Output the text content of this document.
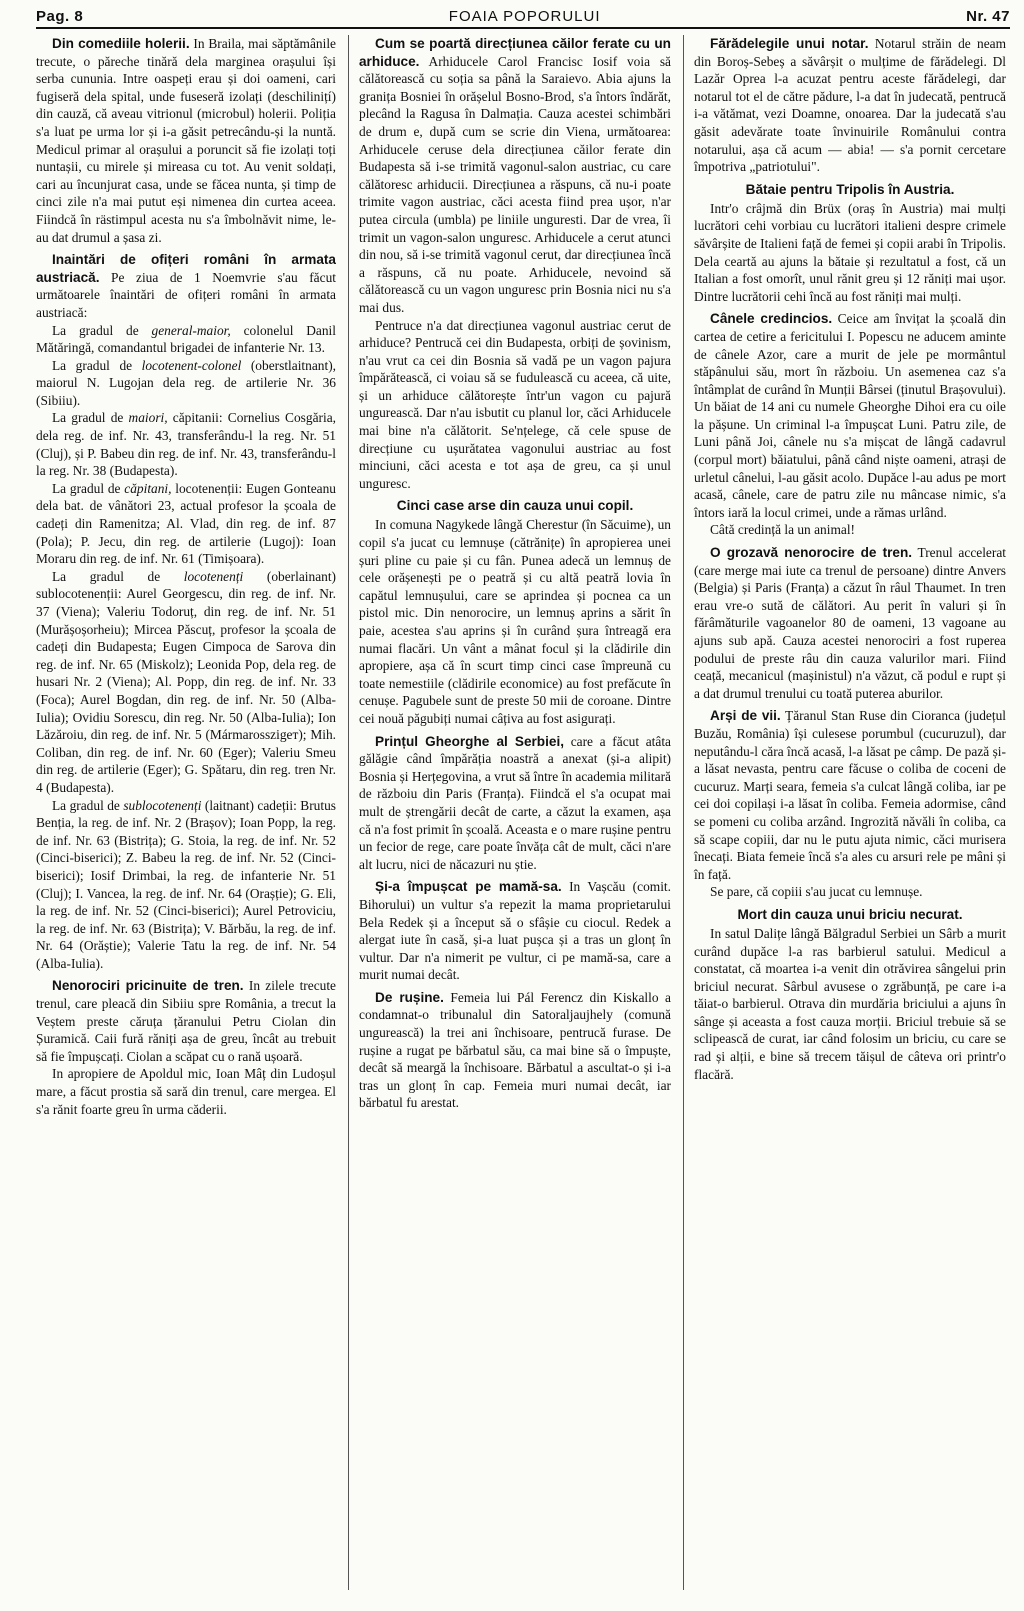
Pag. 8	FOAIA POPORULUI	Nr. 47

Din comediile holerii. In Braila, mai săptămânile trecute, o păreche tinără dela marginea orașului își serba cununia. Intre oaspeți erau și doi oameni, cari fugiseră dela spital, unde fuseseră izolați (deschilinițí) din cauză, că aveau vitrionul (microbul) holerii. Poliția s'a luat pe urma lor și i-a găsit petrecându-și la nuntă. Medicul primar al orașului a poruncit să fie izolați toți nuntașii, cu mirele și mireasa cu tot. Au venit soldați, cari au încunjurat casa, unde se făcea nunta, și timp de cinci zile n'a mai putut eși nimenea din curtea aceea. Fiindcă în rästimpul acesta nu s'a îmbolnăvit nime, le-au dat drumul a șasa zi.

Inaintări de ofițeri români în armata austriacă. Pe ziua de 1 Noemvrie s'au făcut următoarele înaintări de ofițeri români în armata austriacă:

La gradul de general-maior, colonelul Danil Mătăringă, comandantul brigadei de infanterie Nr. 13.

La gradul de locotenent-colonel (oberstlaitnant), maiorul N. Lugojan dela reg. de artilerie Nr. 36 (Sibiiu).

La gradul de maiori, căpitanii: Cornelius Cosgăria, dela reg. de inf. Nr. 43, transferându-l la reg. Nr. 51 (Cluj), și P. Babeu din reg. de inf. Nr. 43, transferându-l la reg. Nr. 38 (Budapesta).

La gradul de căpitani, locotenenții: Eugen Gonteanu dela bat. de vânători 23, actual profesor la școala de cadeți din Ramenitza; Al. Vlad, din reg. de inf. 87 (Pola); P. Jecu, din reg. de artilerie (Lugoj): Ioan Moraru din reg. de inf. Nr. 61 (Timișoara).

La gradul de locotenenți (oberlainant) sublocotenenții: Aurel Georgescu, din reg. de inf. Nr. 37 (Viena); Valeriu Todoruț, din reg. de inf. Nr. 51 (Murășoșorheiu); Mircea Păscuț, profesor la școala de cadeți din Budapesta; Eugen Cimpoca de Sarova din reg. de inf. Nr. 65 (Miskolz); Leonida Pop, dela reg. de husari Nr. 2 (Viena); Al. Popp, din reg. de inf. Nr. 33 (Foca); Aurel Bogdan, din reg. de inf. Nr. 50 (Alba-Iulia); Ovidiu Sorescu, din reg. Nr. 50 (Alba-Iulia); Ion Lăzăroiu, din reg. de inf. Nr. 5 (Mármarosszigет); Mih. Coliban, din reg. de inf. Nr. 60 (Eger); Valeriu Smeu din reg. de artilerie (Eger); G. Spătaru, din reg. tren Nr. 4 (Budapesta).

La gradul de sublocotenenți (laitnant) cadeții: Brutus Benția, la reg. de inf. Nr. 2 (Brașov); Ioan Popp, la reg. de inf. Nr. 63 (Bistrița); G. Stoia, la reg. de inf. Nr. 52 (Cinci-biserici); Z. Babeu la reg. de inf. Nr. 52 (Cinci-biserici); Iosif Drimbai, la reg. de infanterie Nr. 51 (Cluj); I. Vancea, la reg. de inf. Nr. 64 (Orașție); G. Eli, la reg. de inf. Nr. 52 (Cinci-biserici); Aurel Petroviciu, la reg. de inf. Nr. 63 (Bistrița); V. Bărbău, la reg. de inf. Nr. 64 (Orăștie); Valerie Tatu la reg. de inf. Nr. 54 (Alba-Iulia).

Nenorociri pricinuite de tren. In zilele trecute trenul, care pleacă din Sibiiu spre România, a trecut la Veștem preste căruța țăranului Petru Ciolan din Șuramică. Caii fură răniți așa de greu, încât au trebuit să fie împușcați. Ciolan a scăpat cu o rană ușoară.

In apropiere de Apoldul mic, Ioan Mâț din Ludoșul mare, a făcut prostia să sară din trenul, care mergea. El s'a rănit foarte greu în urma căderii.

Cum se poartă direcțiunea căilor ferate cu un arhiduce. Arhiducele Carol Francisc Iosif voia să călătorească cu soția sa până la Saraievo. Abia ajuns la granița Bosniei în orășelul Bosno-Brod, s'a întors îndărăt, plecând la Ragusa în Dalmația. Cauza acestei schimbări de drum e, după cum se scrie din Viena, următoarea: Arhiducele ceruse dela direcțiunea căilor ferate din Budapesta să i-se trimită vagonul-salon austriac, cu care călătoresc arhiducii. Direcțiunea a răspuns, că nu-i poate trimite vagon austriac, căci acesta fiind prea ușor, n'ar putea circula (umbla) pe liniile unguresti. Dar de vrea, îi trimit un vagon-salon unguresc. Arhiducele a cerut atunci din nou, să i-se trimită vagonul cerut, dar direcțiunea încă a răspuns, că nu poate. Arhiducele, nevoind să călătorească cu un vagon unguresc prin Bosnia nici nu s'a mai dus.

Pentruce n'a dat direcțiunea vagonul austriac cerut de arhiduce? Pentrucă cei din Budapesta, orbiți de șovinism, n'au vrut ca cei din Bosnia să vadă pe un vagon pajura împărătească, ci voiau să se fudulească cu aceea, că uite, și un arhiduce călătorește într'un vagon cu pajură ungurească. Dar n'au isbutit cu planul lor, căci Arhiducele mai bine n'a călătorit. Se'nțelege, că cele spuse de direcțiune cu ușurătatea vagonului austriac au fost minciuni, căci acesta e tot așa de greu, ca și unul unguresc.

Cinci case arse din cauza unui copil.

In comuna Nagykede lângă Cherestur (în Săcuime), un copil s'a jucat cu lemnușe (cătrănițe) în apropierea unei șuri pline cu paie și cu fân. Punea adecă un lemnuș de cele orășenești pe o peatră și cu altă peatră lovia în capătul lemnușului, care se aprindea și pocnea ca un pistol mic. Din nenorocire, un lemnuș aprins a sărit în paie, acestea s'au aprins și în curând șura întreagă era numai flacări. Un vânt a mânat focul și la clădirile din apropiere, așa că în scurt timp cinci case împreună cu toate nemestiile (clădirile economice) au fost prefăcute în cenușe. Pagubele sunt de preste 50 mii de coroane. Dintre cei nouă păgubiți numai câțiva au fost asigurați.

Prințul Gheorghe al Serbiei, care a făcut atâta gălăgie când împărăția noastră a anexat (și-a alipit) Bosnia și Herțegovina, a vrut să între în academia militară de războiu din Paris (Franța). Fiindcă el s'a ocupat mai mult de ștrengării decât de carte, a căzut la examen, așa că n'a fost primit în școală. Aceasta e o mare rușine pentru un fecior de rege, care poate învăța cât de mult, căci n'are alt lucru, nici de năcazuri nu știe.

Și-a împușcat pe mamă-sa. In Vașcău (comit. Bihorului) un vultur s'a repezit la mama proprietarului Bela Redek și a început să o sfâșie cu ciocul. Redek a alergat iute în casă, și-a luat pușca și a tras un glonț în vultur. Dar n'a nimerit pe vultur, ci pe mamă-sa, care a murit numai decât.

De rușine. Femeia lui Pál Ferencz din Kiskallo a condamnat-o tribunalul din Satoraljaujhely (comună ungurească) la trei ani închisoare, pentrucă furase. De rușine a rugat pe bărbatul său, ca mai bine să o împuște, decât să meargă la închisoare. Bărbatul a ascultat-o și i-a tras un glonț în cap. Femeia muri numai decât, iar bărbatul fu arestat.

Fărădelegile unui notar. Notarul străin de neam din Boroș-Sebeș a săvârșit o mulțime de fărădelegi. Dl Lazăr Oprea l-a acuzat pentru aceste fărădelegi, dar notarul tot el de către pădure, l-a dat în judecată, pentrucă i-a vătămat, vezi Doamne, onoarea. Dar la judecată s'au găsit adevărate toate învinuirile Românului contra notarului, așa că acum — abia! — s'a pornit cercetare împotriva „patriotului".

Bătaie pentru Tripolis în Austria.

Intr'o crâjmă din Brüx (oraș în Austria) mai mulți lucrători cehi vorbiau cu lucrători italieni despre crimele săvârșite de Italieni față de femei și copii arabi în Tripolis. Dela ceartă au ajuns la bătaie și rezultatul a fost, că un Italian a fost omorît, unul rănit greu și 12 răniți mai ușor. Dintre lucrătorii cehi încă au fost răniți mai mulți.

Cânele credincios. Ceice am învițat la școală din cartea de cetire a fericitului I. Popescu ne aducem aminte de cânele Azor, care a murit de jele pe mormântul stăpânului său, mort în războiu. Un asemenea caz s'a întâmplat de curând în Munții Bârsei (ținutul Brașovului). Un băiat de 14 ani cu numele Gheorghe Dihoi era cu oile la pășune. Un criminal l-a împușcat Luni. Patru zile, de Luni până Joi, cânele nu s'a mișcat de lângă cadavrul (corpul mort) băiatului, până când niște oameni, atrași de urletul cânelui, l-au găsit acolo. Dupăce l-au adus pe mort acasă, cânele, care de patru zile nu mâncase nimic, s'a întors iară la locul crimei, unde a rămas urlând.

Câtă credință la un animal!

O grozavă nenorocire de tren. Trenul accelerat (care merge mai iute ca trenul de persoane) dintre Anvers (Belgia) și Paris (Franța) a căzut în râul Thaumet. In tren erau vre-o sută de călători. Au perit în valuri și în fărâmăturile vagoanelor 80 de oameni, 13 vagoane au ajuns sub apă. Cauza acestei nenorociri a fost ruperea podului de preste râu din cauza valurilor mari. Fiind ceață, mecanicul (mașinistul) n'a văzut, că podul e rupt și a dat drumul trenului cu toată puterea aburilor.

Arși de vii. Țăranul Stan Ruse din Cioranca (județul Buzău, România) își culesese porumbul (cucuruzul), dar neputându-l căra încă acasă, l-a lăsat pe câmp. De pază și-a lăsat nevasta, pentru care făcuse o coliba de coceni de cucuruz. Marți seara, femeia s'a culcat lângă coliba, iar pe cei doi copilași i-a lăsat în coliba. Femeia adormise, când se pomeni cu coliba arzând. Ingrozită năvăli în coliba, ca să scape copiii, dar nu le putu ajuta nimic, căci murisera înecați. Biata femeie încă s'a ales cu arsuri rele pe mâni și în față.

Se pare, că copiii s'au jucat cu lemnușe.

Mort din cauza unui briciu necurat.

In satul Dalițe lângă Bălgradul Serbiei un Sârb a murit curând dupăce l-a ras barbierul satului. Medicul a constatat, că moartea i-a venit din otrăvirea sângelui prin briciul necurat. Sârbul avusese o zgrăbunță, pe care i-a tăiat-o barbierul. Otrava din murdăria briciului a ajuns în sânge și aceasta a fost cauza morții. Briciul trebuie să se sclipească de curat, iar când folosim un briciu, cu care se rad și alții, e bine să trecem tăișul de câteva ori printr'o flacără.
